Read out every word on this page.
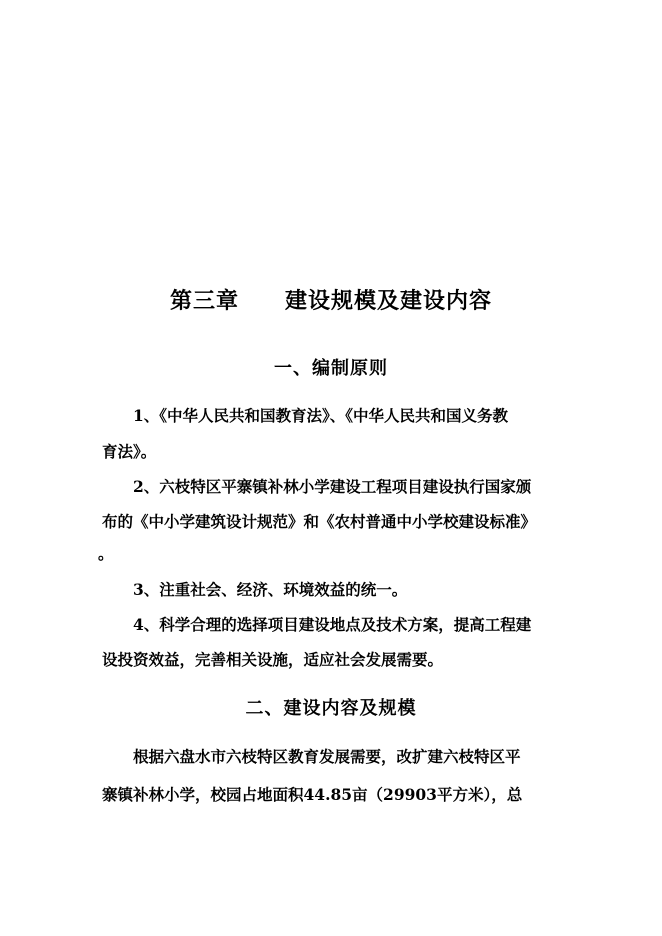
第三章 建设规模及建设内容
一、编制原则
1、《中华人民共和国教育法》、《中华人民共和国义务教
育法》。
2、六枝特区平寨镇补林小学建设工程项目建设执行国家颁
布的《中小学建筑设计规范》和《农村普通中小学校建设标准》
。
3、注重社会、经济、环境效益的统一。
4、科学合理的选择项目建设地点及技术方案，提高工程建
设投资效益，完善相关设施，适应社会发展需要。
二、建设内容及规模
根据六盘水市六枝特区教育发展需要，改扩建六枝特区平
寨镇补林小学，校园占地面积44.85亩（29903平方米），总
